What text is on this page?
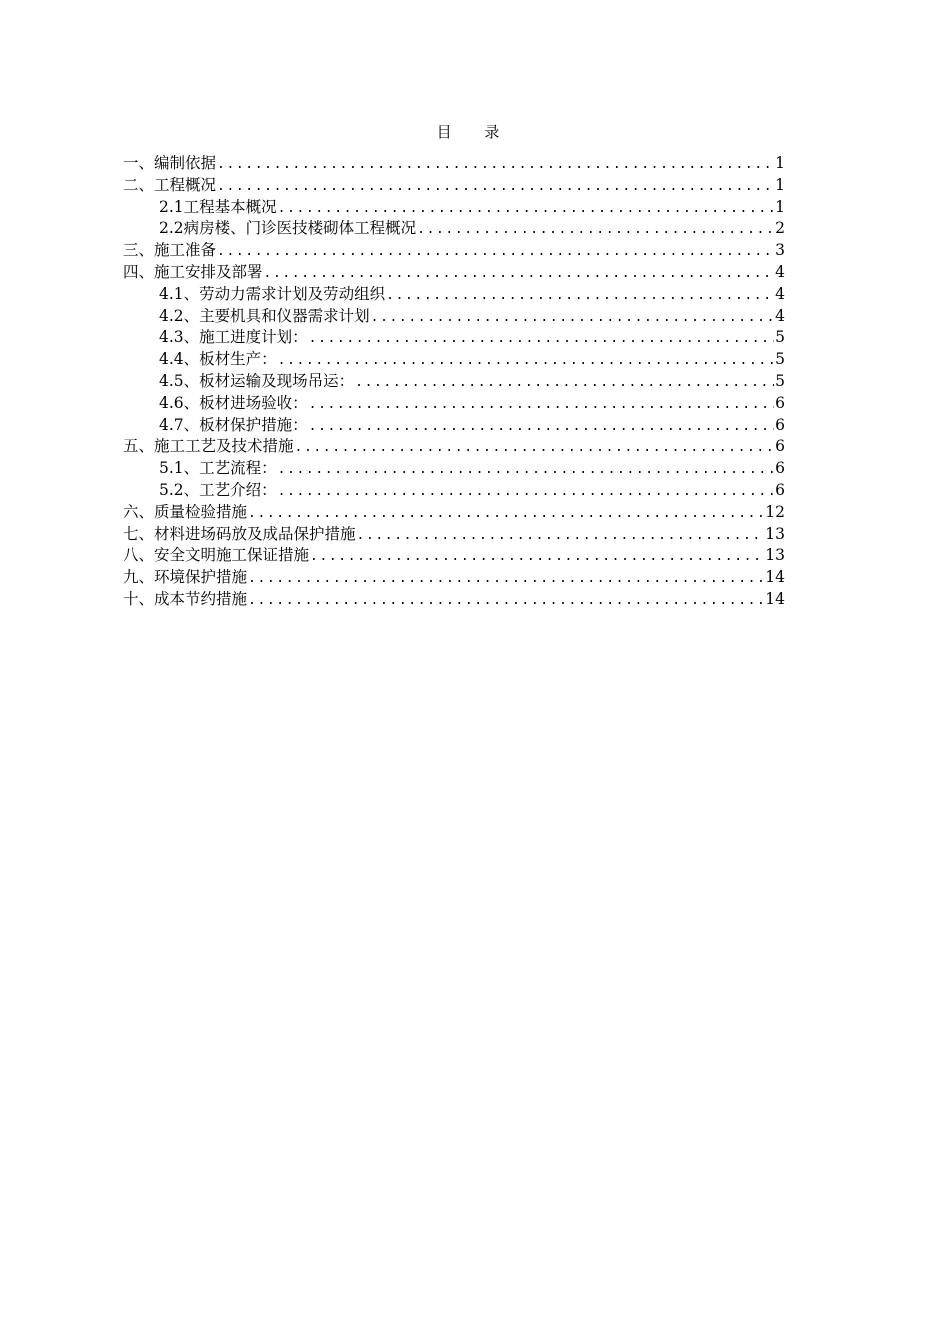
目 录
一、编制依据 .....	1
二、工程概况 .....	1
2.1工程基本概况 .....	1
2.2病房楼、门诊医技楼砌体工程概况 .....	2
三、施工准备 .....	3
四、施工安排及部署 .....	4
4.1、劳动力需求计划及劳动组织 .....	4
4.2、主要机具和仪器需求计划 .....	4
4.3、施工进度计划： .....	5
4.4、板材生产： .....	5
4.5、板材运输及现场吊运： .....	5
4.6、板材进场验收： .....	6
4.7、板材保护措施： .....	6
五、施工工艺及技术措施 .....	6
5.1、工艺流程： .....	6
5.2、工艺介绍： .....	6
六、质量检验措施 .....	12
七、材料进场码放及成品保护措施 .....	13
八、安全文明施工保证措施 .....	13
九、环境保护措施 .....	14
十、成本节约措施 .....	14
